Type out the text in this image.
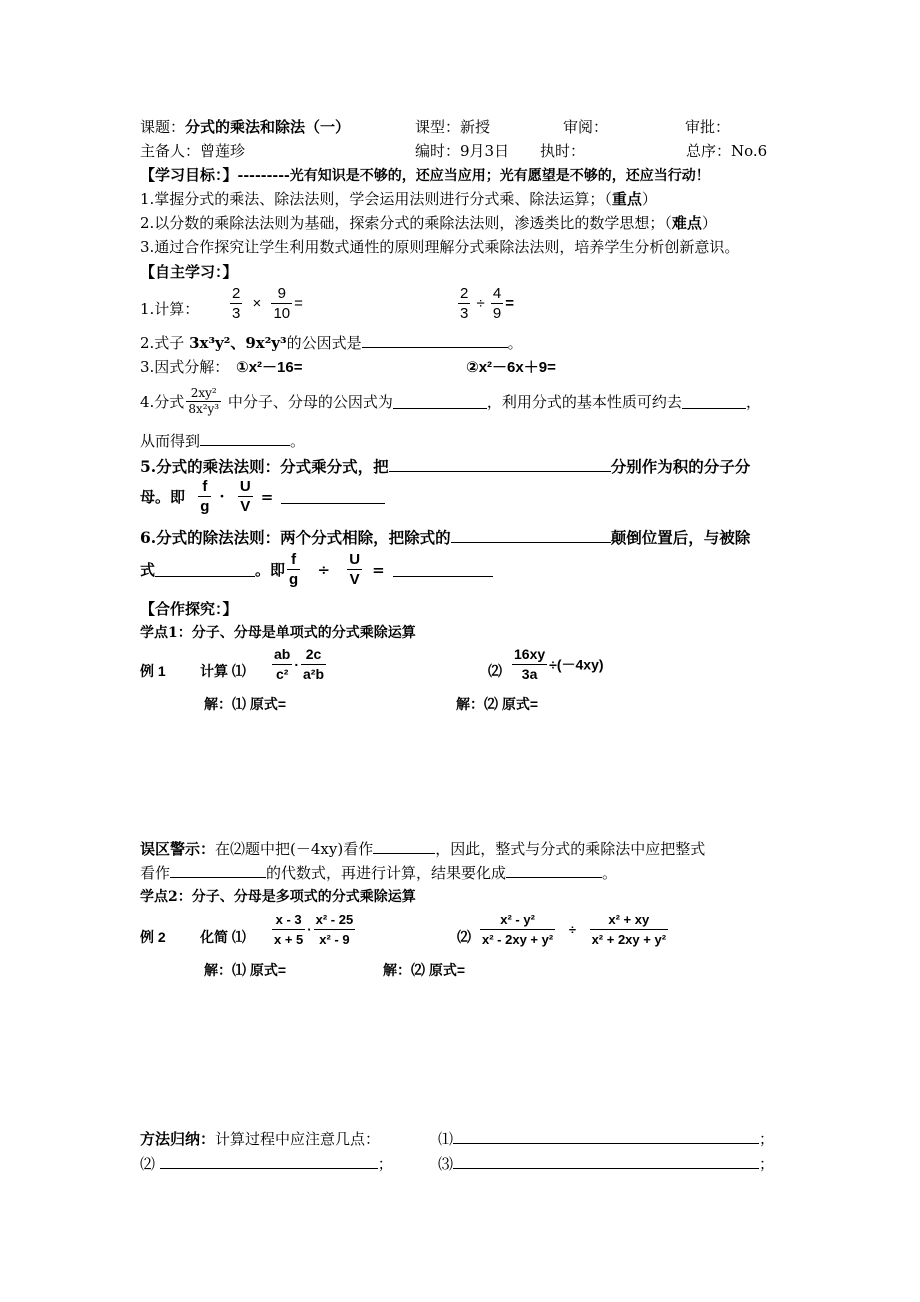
课题：分式的乘法和除法（一）	课型：新授	审阅：	审批：
主备人：曾莲珍	编时：9月3日 执时：	总序：No.6
【学习目标：】---------光有知识是不够的，还应当应用；光有愿望是不够的，还应当行动！
1.掌握分式的乘法、除法法则，学会运用法则进行分式乘、除法运算；（重点）
2.以分数的乘除法法则为基础，探索分式的乘除法法则，渗透类比的数学思想；（难点）
3.通过合作探究让学生利用数式通性的原则理解分式乘除法法则，培养学生分析创新意识。
【自主学习：】
1.计算： $\frac{2}{3} \times \frac{9}{10}$ =	$\frac{2}{3} \div \frac{4}{9}$ =
2.式子 3x³y²、9x²y³的公因式是	。
3.因式分解： ①x²－16=	②x²－6x＋9=
4.分式 $\frac{\text{2xy²}}{\text{8x²y³}}$ 中分子、分母的公因式为	，利用分式的基本性质可约去	，
从而得到	。
5.分式的乘法法则：分式乘分式，把	分别作为积的分子分
母。即 $\frac{f}{g} \cdot \frac{U}{V}$ =
6.分式的除法法则：两个分式相除，把除式的	颠倒位置后，与被除
式	。即 $\frac{f}{g} \div \frac{U}{V}$ =
【合作探究：】
学点1：分子、分母是单项式的分式乘除运算
例 1 计算 ⑴ $\frac{ab}{\text{c²}} \cdot \frac{2c}{\text{a²b}}$	⑵ $\frac{16xy}{3a} \div(-4xy)$
解：⑴ 原式=	解：⑵ 原式=
误区警示：在⑵题中把(－4xy)看作	，因此，整式与分式的乘除法中应把整式
看作	的代数式，再进行计算，结果要化成	。
学点2：分子、分母是多项式的分式乘除运算
例 2 化简 ⑴ $\frac{x - 3}{x + 5} \cdot \frac{\text{x² - 25}}{\text{x² - 9}}$	⑵ $\frac{\text{x² - y²}}{\text{x² - 2xy + y²}} \div \frac{\text{x² + xy}}{\text{x² + 2xy + y²}}$
解：⑴ 原式=	解：⑵ 原式=
方法归纳：计算过程中应注意几点：	⑴	；
⑵	；	⑶	；
